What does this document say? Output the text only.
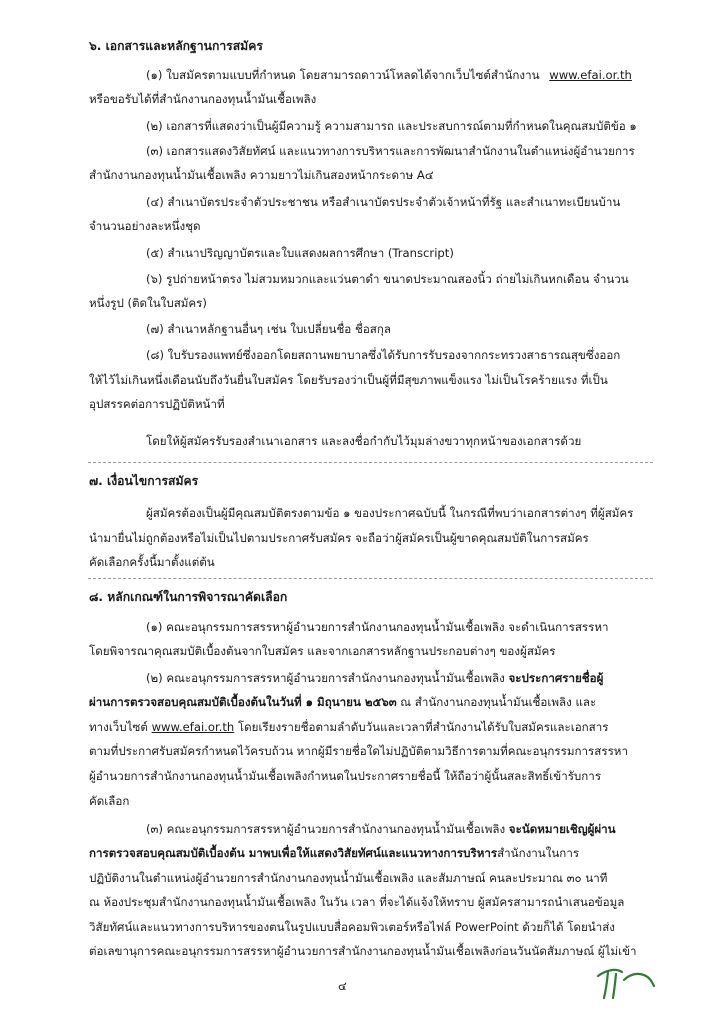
๖. เอกสารและหลักฐานการสมัคร
(๑) ใบสมัครตามแบบที่กำหนด โดยสามารถดาวน์โหลดได้จากเว็บไซต์สำนักงาน www.efai.or.th
หรือขอรับได้ที่สำนักงานกองทุนน้ำมันเชื้อเพลิง
(๒) เอกสารที่แสดงว่าเป็นผู้มีความรู้ ความสามารถ และประสบการณ์ตามที่กำหนดในคุณสมบัติข้อ ๑
(๓) เอกสารแสดงวิสัยทัศน์ และแนวทางการบริหารและการพัฒนาสำนักงานในตำแหน่งผู้อำนวยการ
สำนักงานกองทุนน้ำมันเชื้อเพลิง ความยาวไม่เกินสองหน้ากระดาษ A๔
(๔) สำเนาบัตรประจำตัวประชาชน หรือสำเนาบัตรประจำตัวเจ้าหน้าที่รัฐ และสำเนาทะเบียนบ้าน
จำนวนอย่างละหนึ่งชุด
(๕) สำเนาปริญญาบัตรและใบแสดงผลการศึกษา (Transcript)
(๖) รูปถ่ายหน้าตรง ไม่สวมหมวกและแว่นตาดำ ขนาดประมาณสองนิ้ว ถ่ายไม่เกินหกเดือน จำนวน
หนึ่งรูป (ติดในใบสมัคร)
(๗) สำเนาหลักฐานอื่นๆ เช่น ใบเปลี่ยนชื่อ ชื่อสกุล
(๘) ใบรับรองแพทย์ซึ่งออกโดยสถานพยาบาลซึ่งได้รับการรับรองจากกระทรวงสาธารณสุขซึ่งออก
ให้ไว้ไม่เกินหนึ่งเดือนนับถึงวันยื่นใบสมัคร โดยรับรองว่าเป็นผู้ที่มีสุขภาพแข็งแรง ไม่เป็นโรคร้ายแรง ที่เป็น
อุปสรรคต่อการปฏิบัติหน้าที่
โดยให้ผู้สมัครรับรองสำเนาเอกสาร และลงชื่อกำกับไว้มุมล่างขวาทุกหน้าของเอกสารด้วย
๗. เงื่อนไขการสมัคร
ผู้สมัครต้องเป็นผู้มีคุณสมบัติตรงตามข้อ ๑ ของประกาศฉบับนี้ ในกรณีที่พบว่าเอกสารต่างๆ ที่ผู้สมัคร
นำมายื่นไม่ถูกต้องหรือไม่เป็นไปตามประกาศรับสมัคร จะถือว่าผู้สมัครเป็นผู้ขาดคุณสมบัติในการสมัคร
คัดเลือกครั้งนี้มาตั้งแต่ต้น
๘. หลักเกณฑ์ในการพิจารณาคัดเลือก
(๑) คณะอนุกรรมการสรรหาผู้อำนวยการสำนักงานกองทุนน้ำมันเชื้อเพลิง จะดำเนินการสรรหา
โดยพิจารณาคุณสมบัติเบื้องต้นจากใบสมัคร และจากเอกสารหลักฐานประกอบต่างๆ ของผู้สมัคร
(๒) คณะอนุกรรมการสรรหาผู้อำนวยการสำนักงานกองทุนน้ำมันเชื้อเพลิง จะประกาศรายชื่อผู้
ผ่านการตรวจสอบคุณสมบัติเบื้องต้นในวันที่ ๑ มิถุนายน ๒๕๖๓ ณ สำนักงานกองทุนน้ำมันเชื้อเพลิง และ
ทางเว็บไซต์ www.efai.or.th โดยเรียงรายชื่อตามลำดับวันและเวลาที่สำนักงานได้รับใบสมัครและเอกสาร
ตามที่ประกาศรับสมัครกำหนดไว้ครบถ้วน หากผู้มีรายชื่อใดไม่ปฏิบัติตามวิธีการตามที่คณะอนุกรรมการสรรหา
ผู้อำนวยการสำนักงานกองทุนน้ำมันเชื้อเพลิงกำหนดในประกาศรายชื่อนี้ ให้ถือว่าผู้นั้นสละสิทธิ์เข้ารับการ
คัดเลือก
(๓) คณะอนุกรรมการสรรหาผู้อำนวยการสำนักงานกองทุนน้ำมันเชื้อเพลิง จะนัดหมายเชิญผู้ผ่าน
การตรวจสอบคุณสมบัติเบื้องต้น มาพบเพื่อให้แสดงวิสัยทัศน์และแนวทางการบริหารสำนักงานในการ
ปฏิบัติงานในตำแหน่งผู้อำนวยการสำนักงานกองทุนน้ำมันเชื้อเพลิง และสัมภาษณ์ คนละประมาณ ๓๐ นาที
ณ ห้องประชุมสำนักงานกองทุนน้ำมันเชื้อเพลิง ในวัน เวลา ที่จะได้แจ้งให้ทราบ ผู้สมัครสามารถนำเสนอข้อมูล
วิสัยทัศน์และแนวทางการบริหารของตนในรูปแบบสื่อคอมพิวเตอร์หรือไฟล์ PowerPoint ด้วยก็ได้ โดยนำส่ง
ต่อเลขานุการคณะอนุกรรมการสรรหาผู้อำนวยการสำนักงานกองทุนน้ำมันเชื้อเพลิงก่อนวันนัดสัมภาษณ์ ผู้ไม่เข้า
๔
